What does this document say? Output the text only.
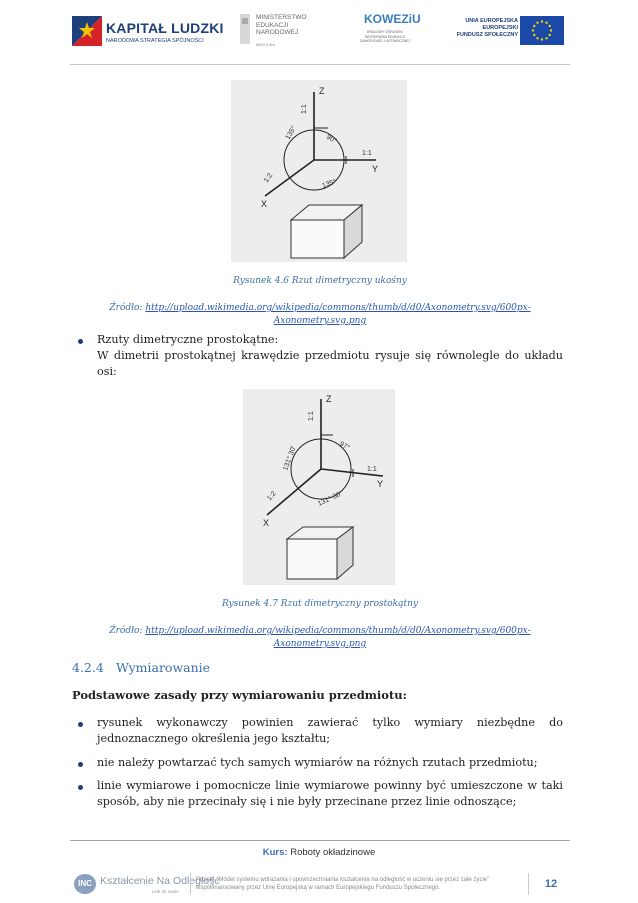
KAPITAŁ LUDZKI
NARODOWA STRATEGIA SPÓJNOŚCI
MINISTERSTWO
EDUKACJI
NARODOWEJ
MEN 0.6m
KOWEZiU
KRAJOWY OŚRODEK WSPIERANIA EDUKACJI ZAWODOWEJ I USTAWICZNEJ
UNIA EUROPEJSKA
EUROPEJSKI
FUNDUSZ SPOŁECZNY
Z
Y
X
1:1
1:1
1:2
135°	90°
135°
Rysunek 4.6 Rzut dimetryczny ukośny
Źródło: http://upload.wikimedia.org/wikipedia/commons/thumb/d/d0/Axonometry.svg/600px-Axonometry.svg.png
Rzuty dimetryczne prostokątne:
W dimetrii prostokątnej krawędzie przedmiotu rysuje się równolegle do układu osi:
Z
Y
X
1:1
1:1
1:2
131° 30'	97°
131° 30'
Rysunek 4.7 Rzut dimetryczny prostokątny
Źródło: http://upload.wikimedia.org/wikipedia/commons/thumb/d/d0/Axonometry.svg/600px-Axonometry.svg.png
4.2.4 Wymiarowanie
Podstawowe zasady przy wymiarowaniu przedmiotu:
rysunek wykonawczy powinien zawierać tylko wymiary niezbędne do jednoznacznego określenia jego kształtu;
nie należy powtarzać tych samych wymiarów na różnych rzutach przedmiotu;
linie wymiarowe i pomocnicze linie wymiarowe powinny być umieszczone w taki sposób, aby nie przecinały się i nie były przecinane przez linie odnoszące;
Kurs: Roboty okładzinowe
INC Kształcenie Na Odległość
Link do nauki
Projekt „Model systemu wdrażania i upowszechniania kształcenia na odległość w uczeniu się przez całe życie” współfinansowany przez Unię Europejską w ramach Europejskiego Funduszu Społecznego.	12
